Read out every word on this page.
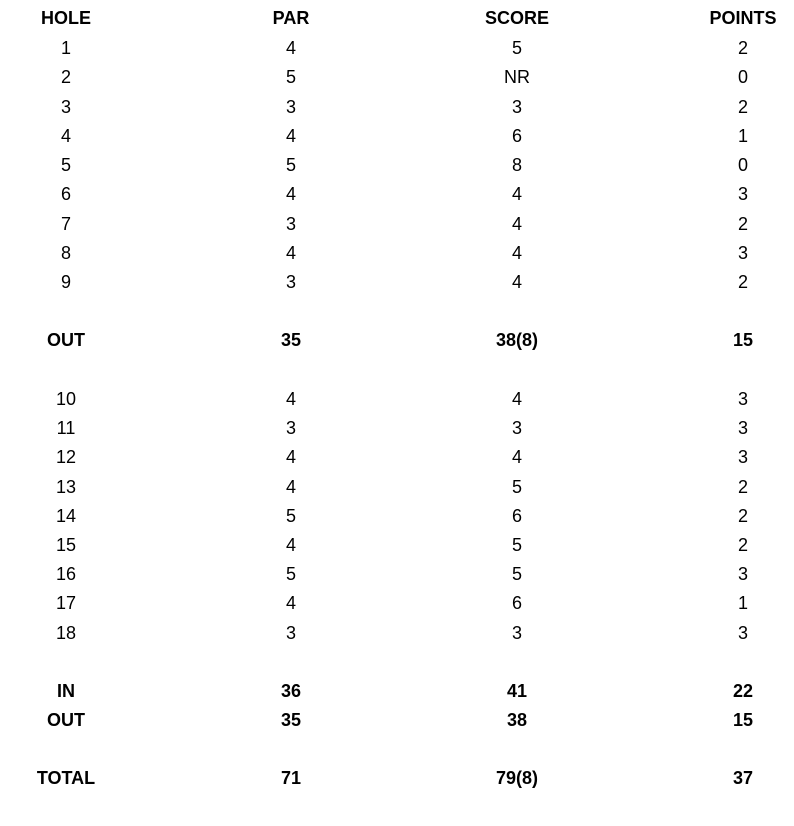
HOLE	PAR	SCORE	POINTS
1	4	5	2
2	5	NR	0
3	3	3	2
4	4	6	1
5	5	8	0
6	4	4	3
7	3	4	2
8	4	4	3
9	3	4	2
OUT	35	38(8)	15
10	4	4	3
11	3	3	3
12	4	4	3
13	4	5	2
14	5	6	2
15	4	5	2
16	5	5	3
17	4	6	1
18	3	3	3
IN	36	41	22
OUT	35	38	15
TOTAL	71	79(8)	37
